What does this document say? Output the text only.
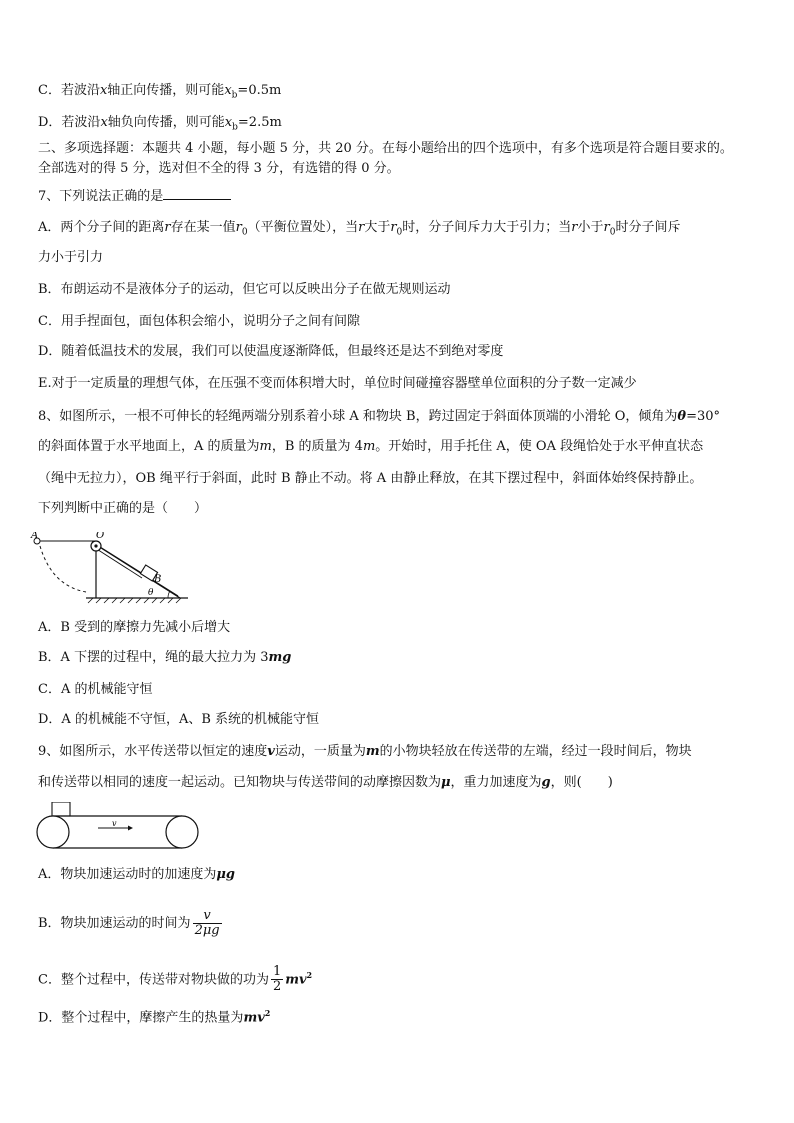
C．若波沿x轴正向传播，则可能$x_b=0.5m$
D．若波沿x轴负向传播，则可能$x_b=2.5m$
二、多项选择题：本题共 4 小题，每小题 5 分，共 20 分。在每小题给出的四个选项中，有多个选项是符合题目要求的。
全部选对的得 5 分，选对但不全的得 3 分，有选错的得 0 分。
7、下列说法正确的是
A．两个分子间的距离r存在某一值$r_0$（平衡位置处），当r大于$r_0$时，分子间斥力大于引力；当r小于$r_0$时分子间斥
力小于引力
B．布朗运动不是液体分子的运动，但它可以反映出分子在做无规则运动
C．用手捏面包，面包体积会缩小，说明分子之间有间隙
D．随着低温技术的发展，我们可以使温度逐渐降低，但最终还是达不到绝对零度
E.对于一定质量的理想气体，在压强不变而体积增大时，单位时间碰撞容器壁单位面积的分子数一定减少
8、如图所示，一根不可伸长的轻绳两端分别系着小球 A 和物块 B，跨过固定于斜面体顶端的小滑轮 O，倾角为θ=30°
的斜面体置于水平地面上，A 的质量为m，B 的质量为 4m。开始时，用手托住 A，使 OA 段绳恰处于水平伸直状态
（绳中无拉力），OB 绳平行于斜面，此时 B 静止不动。将 A 由静止释放，在其下摆过程中，斜面体始终保持静止。
下列判断中正确的是（　　）
A	O
B
θ
A．B 受到的摩擦力先减小后增大
B．A 下摆的过程中，绳的最大拉力为 3mg
C．A 的机械能守恒
D．A 的机械能不守恒，A、B 系统的机械能守恒
9、如图所示，水平传送带以恒定的速度v运动，一质量为m的小物块轻放在传送带的左端，经过一段时间后，物块
和传送带以相同的速度一起运动。已知物块与传送带间的动摩擦因数为μ，重力加速度为g，则(　　)
v
A．物块加速运动时的加速度为μg
B．物块加速运动的时间为 $\frac{v}{2\mu g}$
C．整个过程中，传送带对物块做的功为 $\frac{1}{2} mv^2$
D．整个过程中，摩擦产生的热量为$mv^2$
